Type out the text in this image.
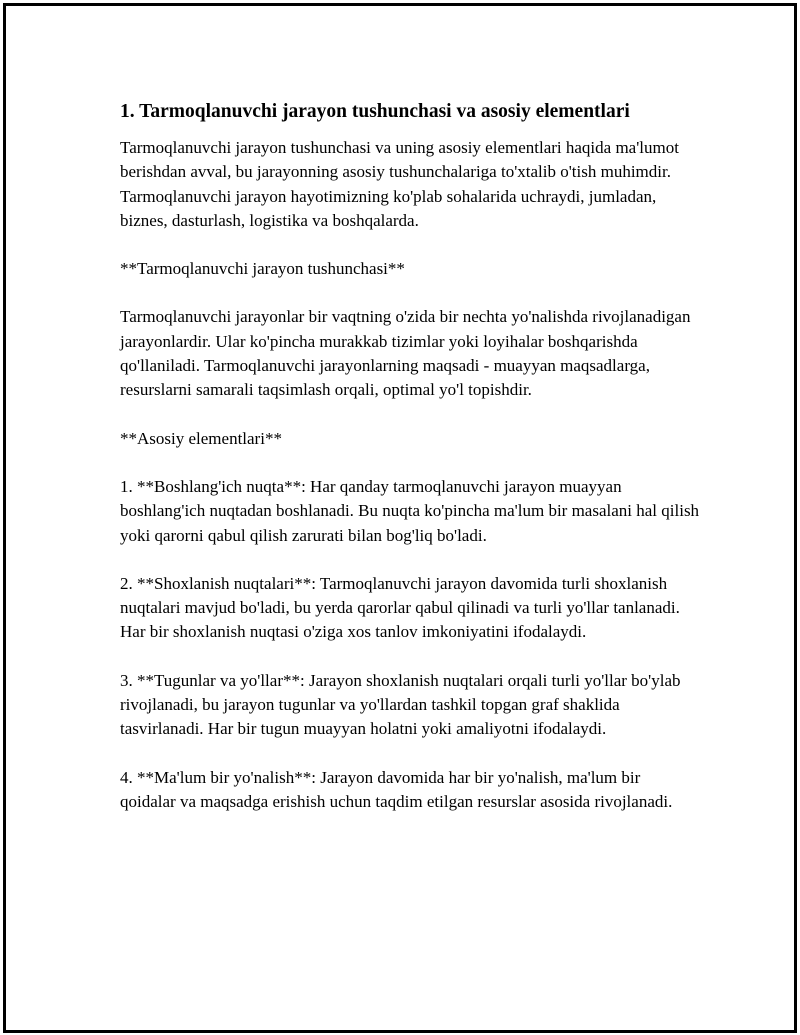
1. Tarmoqlanuvchi jarayon tushunchasi va asosiy elementlari

Tarmoqlanuvchi jarayon tushunchasi va uning asosiy elementlari haqida ma'lumot berishdan avval, bu jarayonning asosiy tushunchalariga to'xtalib o'tish muhimdir. Tarmoqlanuvchi jarayon hayotimizning ko'plab sohalarida uchraydi, jumladan, biznes, dasturlash, logistika va boshqalarda.

**Tarmoqlanuvchi jarayon tushunchasi**

Tarmoqlanuvchi jarayonlar bir vaqtning o'zida bir nechta yo'nalishda rivojlanadigan jarayonlardir. Ular ko'pincha murakkab tizimlar yoki loyihalar boshqarishda qo'llaniladi. Tarmoqlanuvchi jarayonlarning maqsadi - muayyan maqsadlarga, resurslarni samarali taqsimlash orqali, optimal yo'l topishdir.

**Asosiy elementlari**

1. **Boshlang'ich nuqta**: Har qanday tarmoqlanuvchi jarayon muayyan boshlang'ich nuqtadan boshlanadi. Bu nuqta ko'pincha ma'lum bir masalani hal qilish yoki qarorni qabul qilish zarurati bilan bog'liq bo'ladi.

2. **Shoxlanish nuqtalari**: Tarmoqlanuvchi jarayon davomida turli shoxlanish nuqtalari mavjud bo'ladi, bu yerda qarorlar qabul qilinadi va turli yo'llar tanlanadi. Har bir shoxlanish nuqtasi o'ziga xos tanlov imkoniyatini ifodalaydi.

3. **Tugunlar va yo'llar**: Jarayon shoxlanish nuqtalari orqali turli yo'llar bo'ylab rivojlanadi, bu jarayon tugunlar va yo'llardan tashkil topgan graf shaklida tasvirlanadi. Har bir tugun muayyan holatni yoki amaliyotni ifodalaydi.

4. **Ma'lum bir yo'nalish**: Jarayon davomida har bir yo'nalish, ma'lum bir qoidalar va maqsadga erishish uchun taqdim etilgan resurslar asosida rivojlanadi.
